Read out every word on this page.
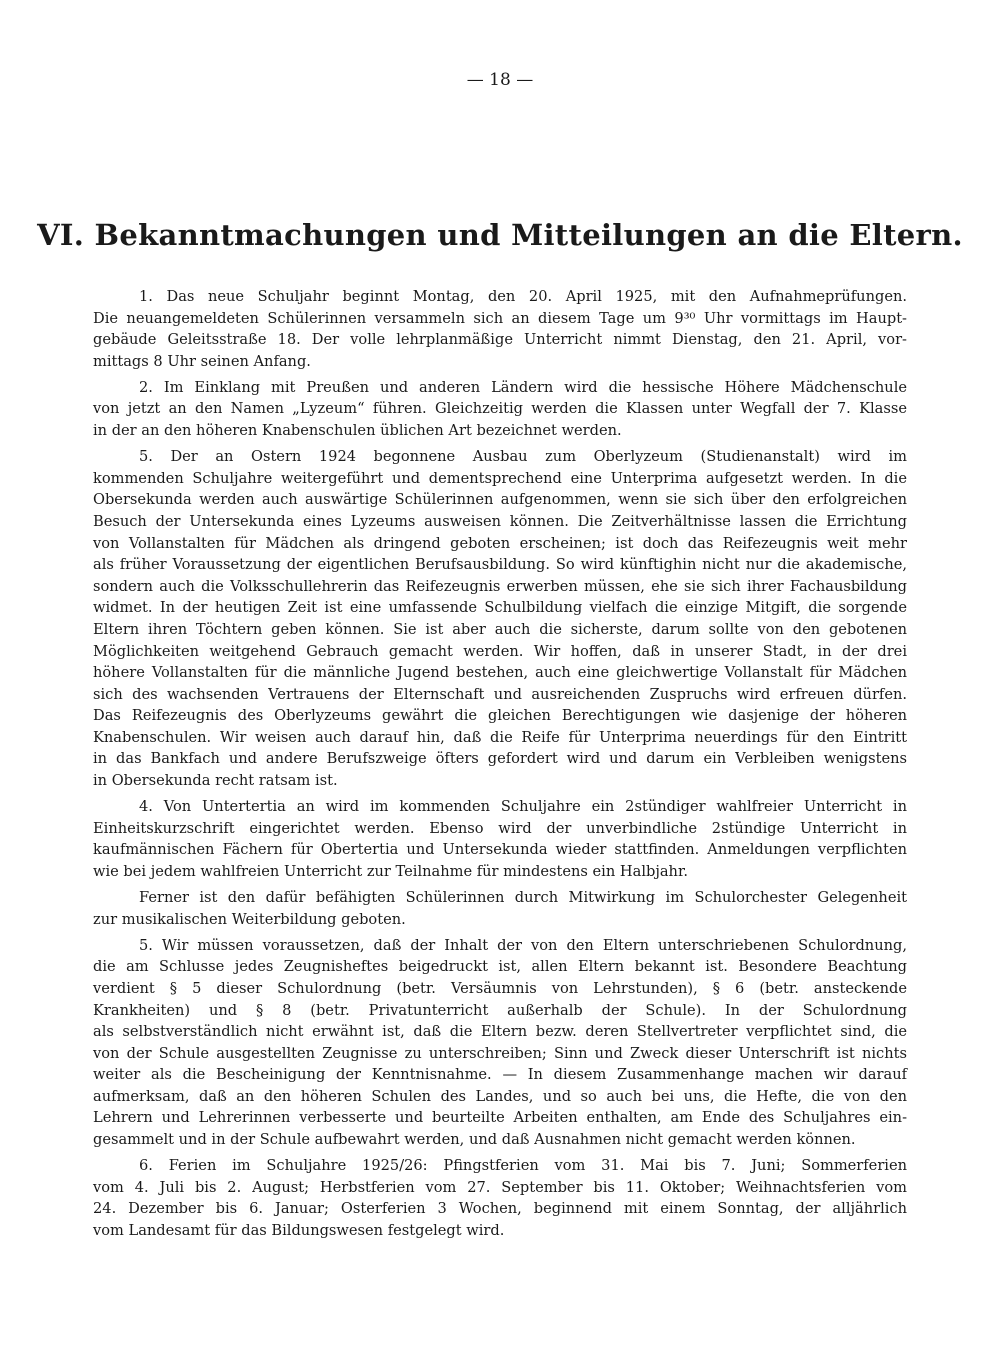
— 18 —
VI. Bekanntmachungen und Mitteilungen an die Eltern.
1. Das neue Schuljahr beginnt Montag, den 20. April 1925, mit den Aufnahmeprüfungen.
Die neuangemeldeten Schülerinnen versammeln sich an diesem Tage um 9³⁰ Uhr vormittags im Haupt-
gebäude Geleitsstraße 18. Der volle lehrplanmäßige Unterricht nimmt Dienstag, den 21. April, vor-
mittags 8 Uhr seinen Anfang.
2. Im Einklang mit Preußen und anderen Ländern wird die hessische Höhere Mädchenschule
von jetzt an den Namen „Lyzeum“ führen. Gleichzeitig werden die Klassen unter Wegfall der 7. Klasse
in der an den höheren Knabenschulen üblichen Art bezeichnet werden.
5. Der an Ostern 1924 begonnene Ausbau zum Oberlyzeum (Studienanstalt) wird im
kommenden Schuljahre weitergeführt und dementsprechend eine Unterprima aufgesetzt werden. In die
Obersekunda werden auch auswärtige Schülerinnen aufgenommen, wenn sie sich über den erfolgreichen
Besuch der Untersekunda eines Lyzeums ausweisen können. Die Zeitverhältnisse lassen die Errichtung
von Vollanstalten für Mädchen als dringend geboten erscheinen; ist doch das Reifezeugnis weit mehr
als früher Voraussetzung der eigentlichen Berufsausbildung. So wird künftighin nicht nur die akademische,
sondern auch die Volksschullehrerin das Reifezeugnis erwerben müssen, ehe sie sich ihrer Fachausbildung
widmet. In der heutigen Zeit ist eine umfassende Schulbildung vielfach die einzige Mitgift, die sorgende
Eltern ihren Töchtern geben können. Sie ist aber auch die sicherste, darum sollte von den gebotenen
Möglichkeiten weitgehend Gebrauch gemacht werden. Wir hoffen, daß in unserer Stadt, in der drei
höhere Vollanstalten für die männliche Jugend bestehen, auch eine gleichwertige Vollanstalt für Mädchen
sich des wachsenden Vertrauens der Elternschaft und ausreichenden Zuspruchs wird erfreuen dürfen.
Das Reifezeugnis des Oberlyzeums gewährt die gleichen Berechtigungen wie dasjenige der höheren
Knabenschulen. Wir weisen auch darauf hin, daß die Reife für Unterprima neuerdings für den Eintritt
in das Bankfach und andere Berufszweige öfters gefordert wird und darum ein Verbleiben wenigstens
in Obersekunda recht ratsam ist.
4. Von Untertertia an wird im kommenden Schuljahre ein 2stündiger wahlfreier Unterricht in
Einheitskurzschrift eingerichtet werden. Ebenso wird der unverbindliche 2stündige Unterricht in
kaufmännischen Fächern für Obertertia und Untersekunda wieder stattfinden. Anmeldungen verpflichten
wie bei jedem wahlfreien Unterricht zur Teilnahme für mindestens ein Halbjahr.
Ferner ist den dafür befähigten Schülerinnen durch Mitwirkung im Schulorchester Gelegenheit
zur musikalischen Weiterbildung geboten.
5. Wir müssen voraussetzen, daß der Inhalt der von den Eltern unterschriebenen Schulordnung,
die am Schlusse jedes Zeugnisheftes beigedruckt ist, allen Eltern bekannt ist. Besondere Beachtung
verdient § 5 dieser Schulordnung (betr. Versäumnis von Lehrstunden), § 6 (betr. ansteckende
Krankheiten) und § 8 (betr. Privatunterricht außerhalb der Schule). In der Schulordnung
als selbstverständlich nicht erwähnt ist, daß die Eltern bezw. deren Stellvertreter verpflichtet sind, die
von der Schule ausgestellten Zeugnisse zu unterschreiben; Sinn und Zweck dieser Unterschrift ist nichts
weiter als die Bescheinigung der Kenntnisnahme. — In diesem Zusammenhange machen wir darauf
aufmerksam, daß an den höheren Schulen des Landes, und so auch bei uns, die Hefte, die von den
Lehrern und Lehrerinnen verbesserte und beurteilte Arbeiten enthalten, am Ende des Schuljahres ein-
gesammelt und in der Schule aufbewahrt werden, und daß Ausnahmen nicht gemacht werden können.
6. Ferien im Schuljahre 1925/26: Pfingstferien vom 31. Mai bis 7. Juni; Sommerferien
vom 4. Juli bis 2. August; Herbstferien vom 27. September bis 11. Oktober; Weihnachtsferien vom
24. Dezember bis 6. Januar; Osterferien 3 Wochen, beginnend mit einem Sonntag, der alljährlich
vom Landesamt für das Bildungswesen festgelegt wird.
